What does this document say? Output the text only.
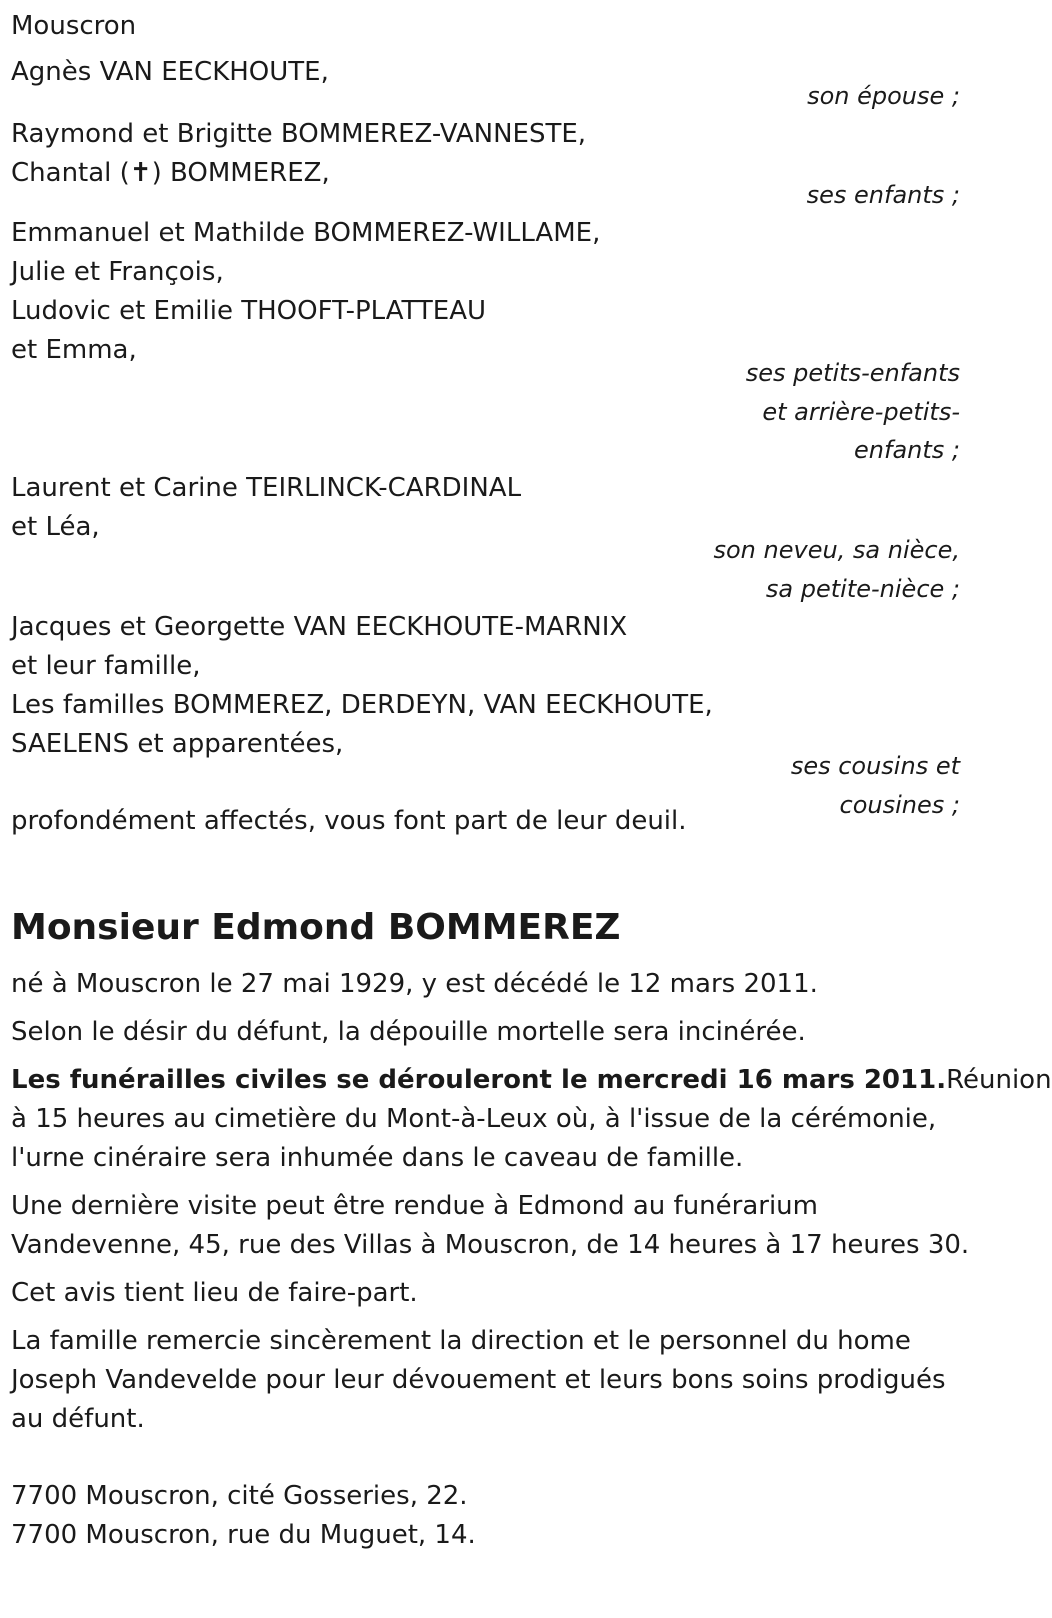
Mouscron
Agnès VAN EECKHOUTE,
Raymond et Brigitte BOMMEREZ-VANNESTE,
Chantal (✝) BOMMEREZ,
Emmanuel et Mathilde BOMMEREZ-WILLAME,
Julie et François,
Ludovic et Emilie THOOFT-PLATTEAU
et Emma,
Laurent et Carine TEIRLINCK-CARDINAL
et Léa,
Jacques et Georgette VAN EECKHOUTE-MARNIX
et leur famille,
Les familles BOMMEREZ, DERDEYN, VAN EECKHOUTE,
SAELENS et apparentées,
profondément affectés, vous font part de leur deuil.
son épouse ;
ses enfants ;
ses petits-enfants
et arrière-petits-
enfants ;
son neveu, sa nièce,
sa petite-nièce ;
ses cousins et
cousines ;
Monsieur Edmond BOMMEREZ
né à Mouscron le 27 mai 1929, y est décédé le 12 mars 2011.
Selon le désir du défunt, la dépouille mortelle sera incinérée.
Les funérailles civiles se dérouleront le mercredi 16 mars 2011.Réunion
à 15 heures au cimetière du Mont-à-Leux où, à l'issue de la cérémonie,
l'urne cinéraire sera inhumée dans le caveau de famille.
Une dernière visite peut être rendue à Edmond au funérarium
Vandevenne, 45, rue des Villas à Mouscron, de 14 heures à 17 heures 30.
Cet avis tient lieu de faire-part.
La famille remercie sincèrement la direction et le personnel du home
Joseph Vandevelde pour leur dévouement et leurs bons soins prodigués
au défunt.
7700 Mouscron, cité Gosseries, 22.
7700 Mouscron, rue du Muguet, 14.
